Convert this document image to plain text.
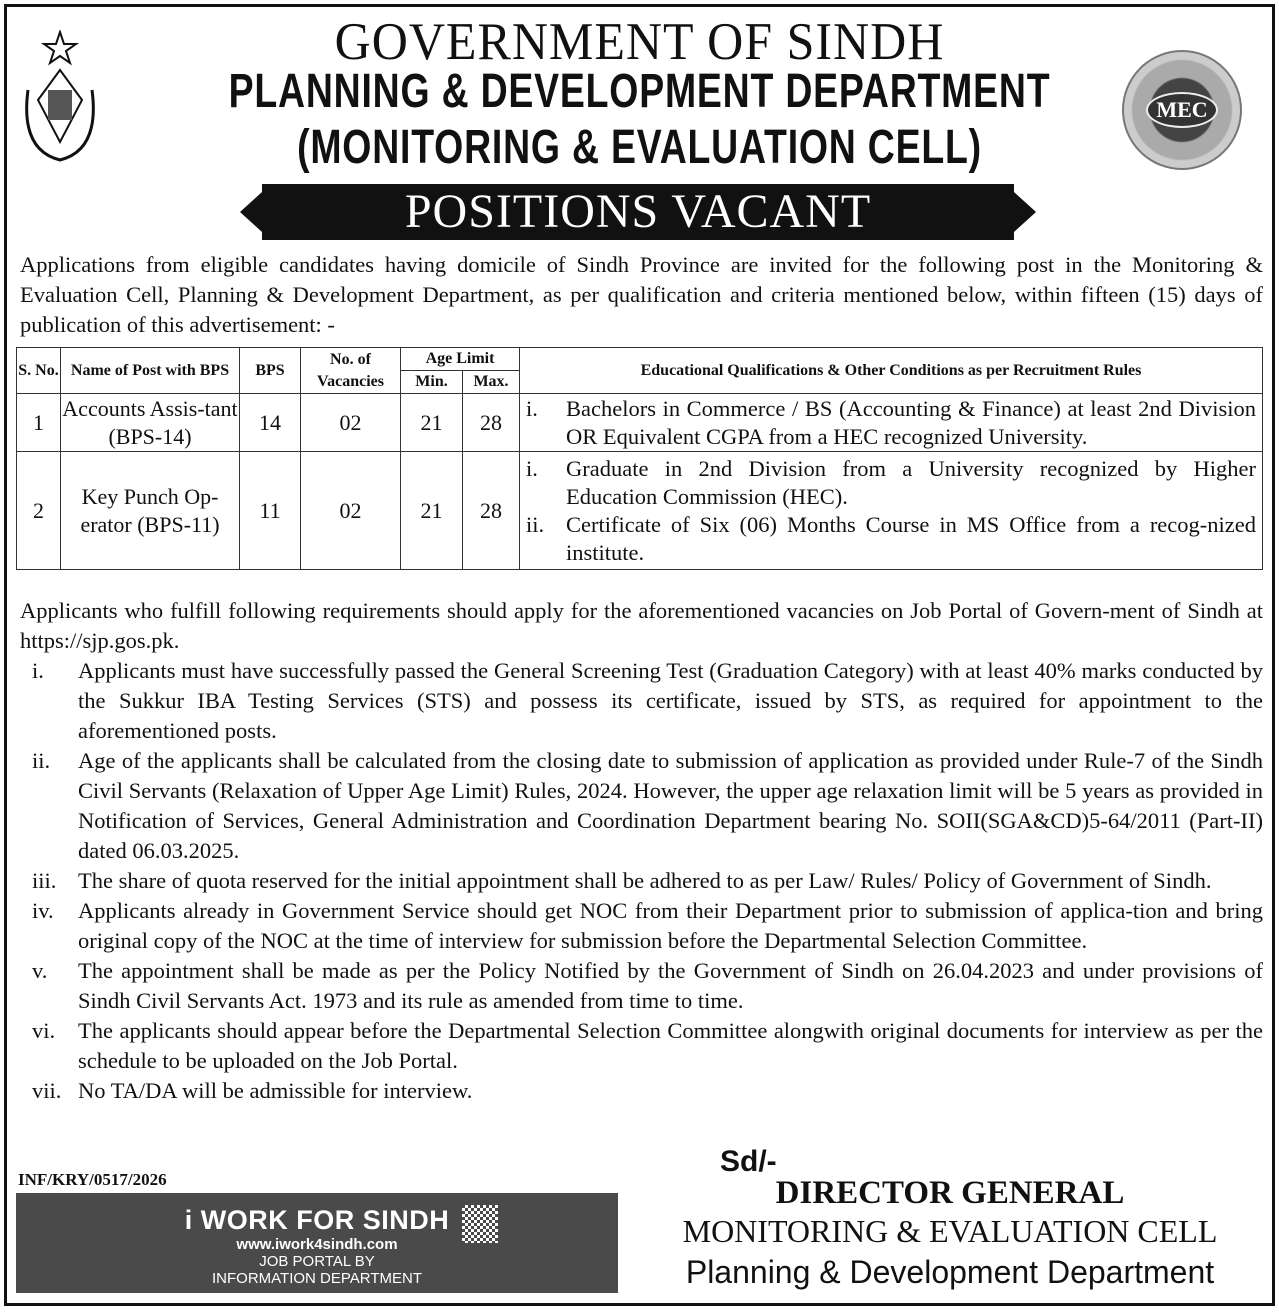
MEC
GOVERNMENT OF SINDH
PLANNING & DEVELOPMENT DEPARTMENT
(MONITORING & EVALUATION CELL)
POSITIONS VACANT
Applications from eligible candidates having domicile of Sindh Province are invited for the following post in the Monitoring & Evaluation Cell, Planning & Development Department, as per qualification and criteria mentioned below, within fifteen (15) days of publication of this advertisement: -
S. No.	Name of Post with BPS	BPS	No. of Vacancies	Age Limit		Educational Qualifications & Other Conditions as per Recruitment Rules
				Min.	Max.	
1	Accounts Assis-tant (BPS-14)	14	02	21	28	i. Bachelors in Commerce / BS (Accounting & Finance) at least 2nd Division OR Equivalent CGPA from a HEC recognized University.

2	Key Punch Op-erator (BPS-11)	11	02	21	28	i. Graduate in 2nd Division from a University recognized by Higher Education Commission (HEC).
ii. Certificate of Six (06) Months Course in MS Office from a recog-nized institute.
Applicants who fulfill following requirements should apply for the aforementioned vacancies on Job Portal of Govern-ment of Sindh at https://sjp.gos.pk.
i.	Applicants must have successfully passed the General Screening Test (Graduation Category) with at least 40% marks conducted by the Sukkur IBA Testing Services (STS) and possess its certificate, issued by STS, as required for appointment to the aforementioned posts.
ii.	Age of the applicants shall be calculated from the closing date to submission of application as provided under Rule-7 of the Sindh Civil Servants (Relaxation of Upper Age Limit) Rules, 2024. However, the upper age relaxation limit will be 5 years as provided in Notification of Services, General Administration and Coordination Department bearing No. SOII(SGA&CD)5-64/2011 (Part-II) dated 06.03.2025.
iii. The share of quota reserved for the initial appointment shall be adhered to as per Law/ Rules/ Policy of Government of Sindh.
iv.	Applicants already in Government Service should get NOC from their Department prior to submission of applica-tion and bring original copy of the NOC at the time of interview for submission before the Departmental Selection Committee.
v.	The appointment shall be made as per the Policy Notified by the Government of Sindh on 26.04.2023 and under provisions of Sindh Civil Servants Act. 1973 and its rule as amended from time to time.
vi.	The applicants should appear before the Departmental Selection Committee alongwith original documents for interview as per the schedule to be uploaded on the Job Portal.
vii. No TA/DA will be admissible for interview.
INF/KRY/0517/2026
i WORK FOR SINDH
www.iwork4sindh.com
JOB PORTAL BY
INFORMATION DEPARTMENT
Sd/-
DIRECTOR GENERAL
MONITORING & EVALUATION CELL
Planning & Development Department
